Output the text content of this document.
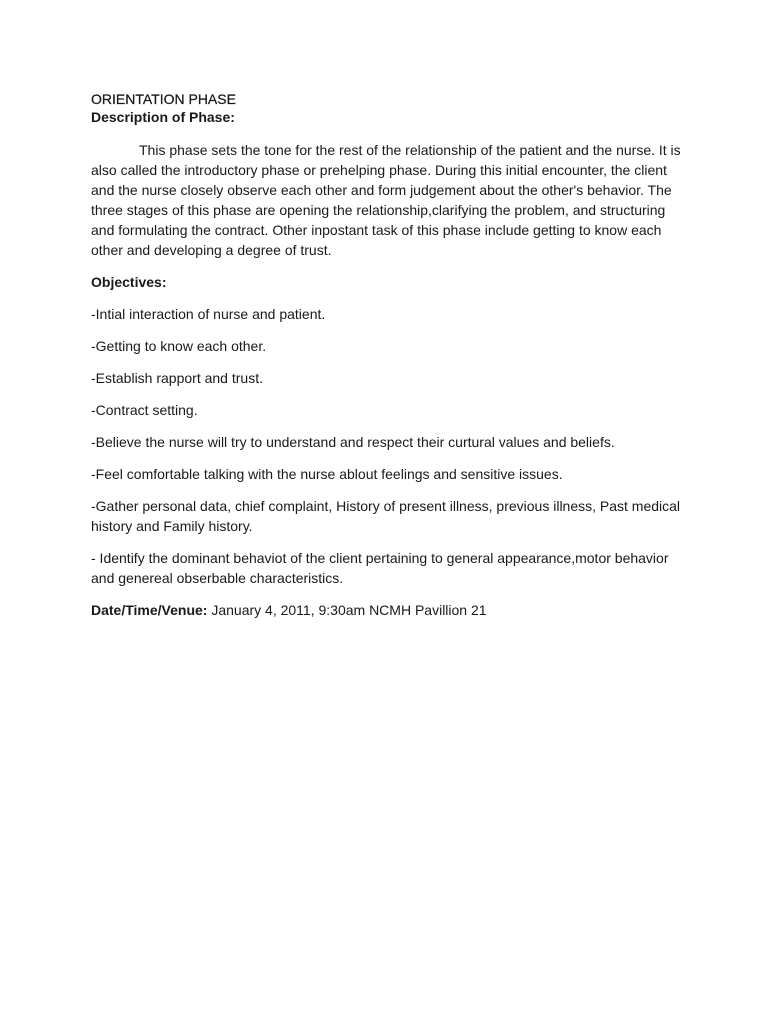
ORIENTATION PHASE
Description of Phase:

This phase sets the tone for the rest of the relationship of the patient and the nurse. It is also called the introductory phase or prehelping phase. During this initial encounter, the client and the nurse closely observe each other and form judgement about the other's behavior. The three stages of this phase are opening the relationship,clarifying the problem, and structuring and formulating the contract. Other inpostant task of this phase include getting to know each other and developing a degree of trust.

Objectives:
-Intial interaction of nurse and patient.
-Getting to know each other.
-Establish rapport and trust.
-Contract setting.
-Believe the nurse will try to understand and respect their curtural values and beliefs.
-Feel comfortable talking with the nurse ablout feelings and sensitive issues.
-Gather personal data, chief complaint, History of present illness, previous illness, Past medical history and Family history.
- Identify the dominant behaviot of the client pertaining to general appearance,motor behavior and genereal obserbable characteristics.

Date/Time/Venue: January 4, 2011, 9:30am NCMH Pavillion 21
